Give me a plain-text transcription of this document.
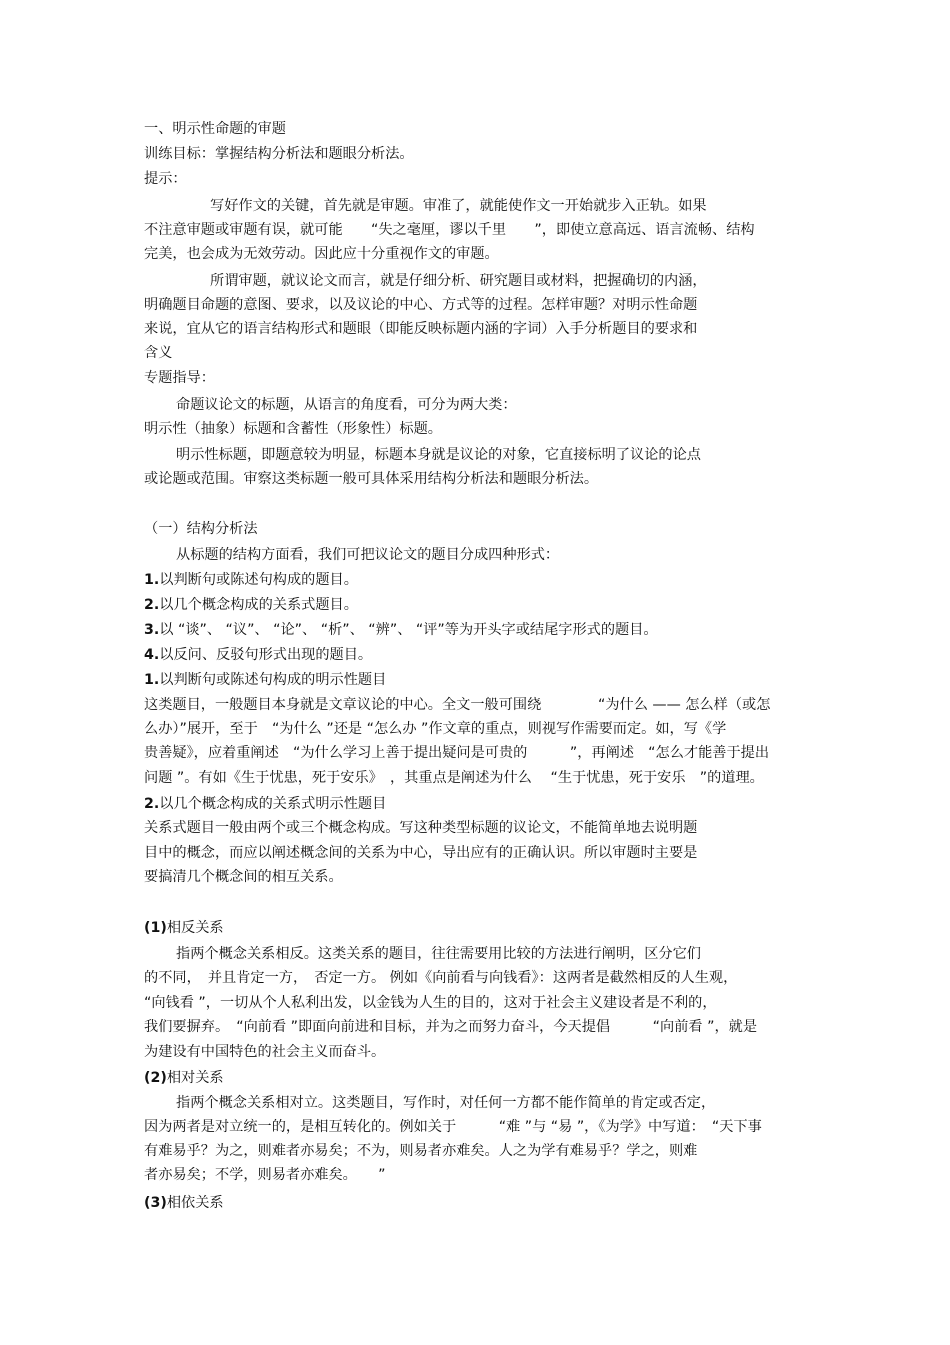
一、明示性命题的审题
训练目标：掌握结构分析法和题眼分析法。
提示：
写好作文的关键，首先就是审题。审准了，就能使作文一开始就步入正轨。如果
不注意审题或审题有误，就可能　　“失之毫厘，谬以千里　　”，即使立意高远、语言流畅、结构
完美，也会成为无效劳动。因此应十分重视作文的审题。
所谓审题，就议论文而言，就是仔细分析、研究题目或材料，把握确切的内涵，
明确题目命题的意图、要求，以及议论的中心、方式等的过程。怎样审题？对明示性命题
来说，宜从它的语言结构形式和题眼（即能反映标题内涵的字词）入手分析题目的要求和
含义
专题指导：
命题议论文的标题，从语言的角度看，可分为两大类：
明示性（抽象）标题和含蓄性（形象性）标题。
明示性标题，即题意较为明显，标题本身就是议论的对象，它直接标明了议论的论点
或论题或范围。审察这类标题一般可具体采用结构分析法和题眼分析法。
（一）结构分析法
从标题的结构方面看，我们可把议论文的题目分成四种形式：
1.以判断句或陈述句构成的题目。
2.以几个概念构成的关系式题目。
3.以 “谈”、 “议”、 “论”、 “析”、 “辨”、 “评”等为开头字或结尾字形式的题目。
4.以反问、反驳句形式出现的题目。
1.以判断句或陈述句构成的明示性题目
这类题目，一般题目本身就是文章议论的中心。全文一般可围绕　　　　“为什么 —— 怎么样（或怎
么办）”展开，至于　“为什么 ”还是 “怎么办 ”作文章的重点，则视写作需要而定。如，写《学
贵善疑》，应着重阐述　“为什么学习上善于提出疑问是可贵的　　　”，再阐述　“怎么才能善于提出
问题 ”。有如《生于忧患，死于安乐》　，其重点是阐述为什么　 “生于忧患，死于安乐　”的道理。
2.以几个概念构成的关系式明示性题目
关系式题目一般由两个或三个概念构成。写这种类型标题的议论文，不能简单地去说明题
目中的概念，而应以阐述概念间的关系为中心，导出应有的正确认识。所以审题时主要是
要搞清几个概念间的相互关系。
(1)相反关系
指两个概念关系相反。这类关系的题目，往往需要用比较的方法进行阐明，区分它们
的不同，　并且肯定一方，　否定一方。 例如《向前看与向钱看》：这两者是截然相反的人生观，
“向钱看 ”，一切从个人私利出发，以金钱为人生的目的，这对于社会主义建设者是不利的，
我们要摒弃。　“向前看 ”即面向前进和目标，并为之而努力奋斗，今天提倡　　　“向前看 ”，就是
为建设有中国特色的社会主义而奋斗。
(2)相对关系
指两个概念关系相对立。这类题目，写作时，对任何一方都不能作简单的肯定或否定，
因为两者是对立统一的，是相互转化的。例如关于　　　“难 ”与 “易 ”，《为学》中写道：　“天下事
有难易乎？为之，则难者亦易矣；不为，则易者亦难矣。人之为学有难易乎？学之，则难
者亦易矣；不学，则易者亦难矣。　　”
(3)相依关系
